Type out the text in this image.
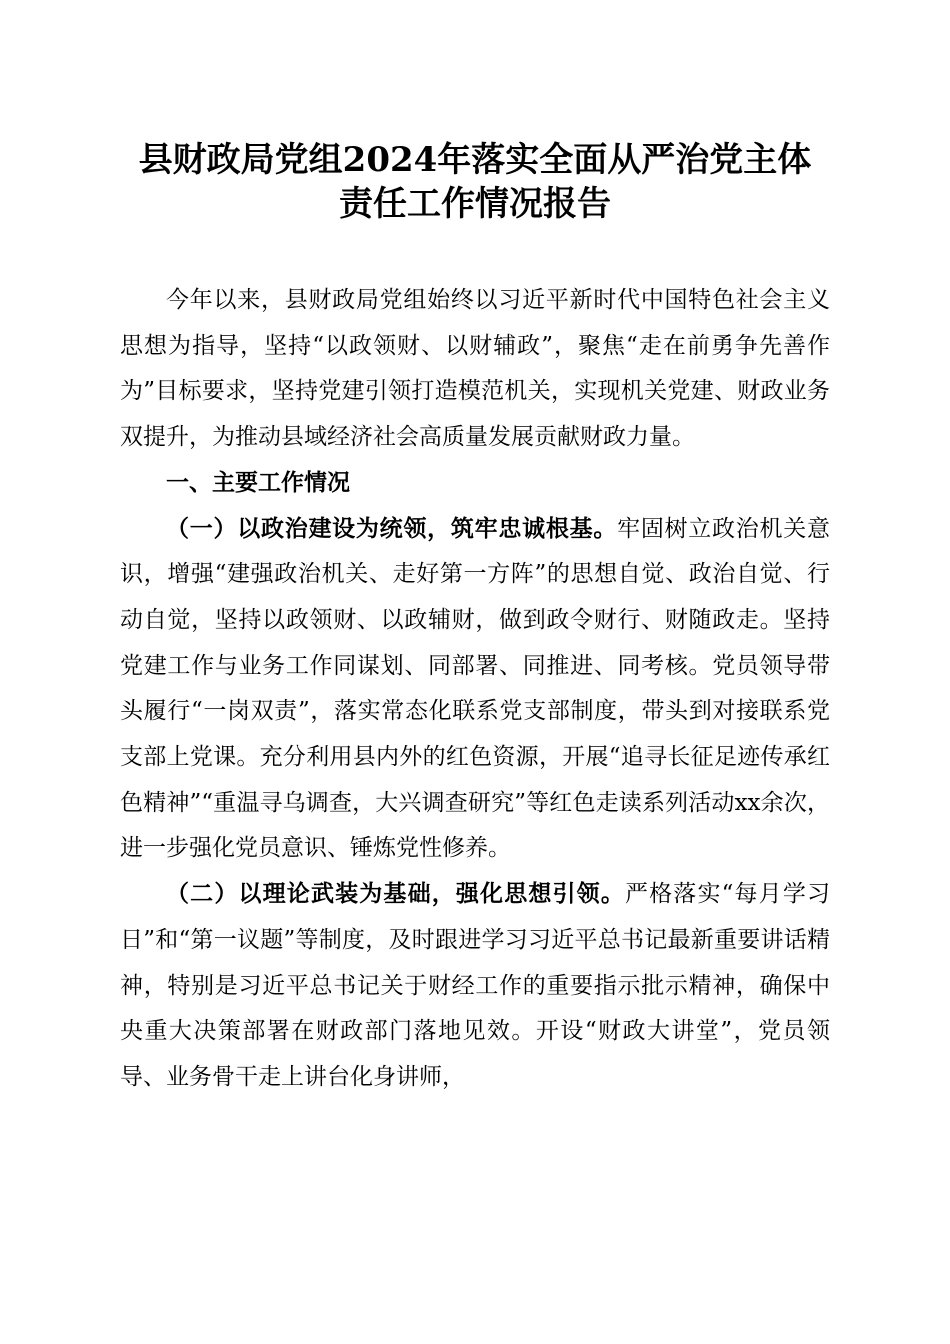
县财政局党组2024年落实全面从严治党主体
责任工作情况报告

今年以来，县财政局党组始终以习近平新时代中国特色社会主义思想为指导，坚持“以政领财、以财辅政”，聚焦“走在前勇争先善作为”目标要求，坚持党建引领打造模范机关，实现机关党建、财政业务双提升，为推动县域经济社会高质量发展贡献财政力量。

一、主要工作情况

（一）以政治建设为统领，筑牢忠诚根基。牢固树立政治机关意识，增强“建强政治机关、走好第一方阵”的思想自觉、政治自觉、行动自觉，坚持以政领财、以政辅财，做到政令财行、财随政走。坚持党建工作与业务工作同谋划、同部署、同推进、同考核。党员领导带头履行“一岗双责”，落实常态化联系党支部制度，带头到对接联系党支部上党课。充分利用县内外的红色资源，开展“追寻长征足迹传承红色精神”“重温寻乌调查，大兴调查研究”等红色走读系列活动xx余次，进一步强化党员意识、锤炼党性修养。

（二）以理论武装为基础，强化思想引领。严格落实“每月学习日”和“第一议题”等制度，及时跟进学习习近平总书记最新重要讲话精神，特别是习近平总书记关于财经工作的重要指示批示精神，确保中央重大决策部署在财政部门落地见效。开设“财政大讲堂”，党员领导、业务骨干走上讲台化身讲师，
